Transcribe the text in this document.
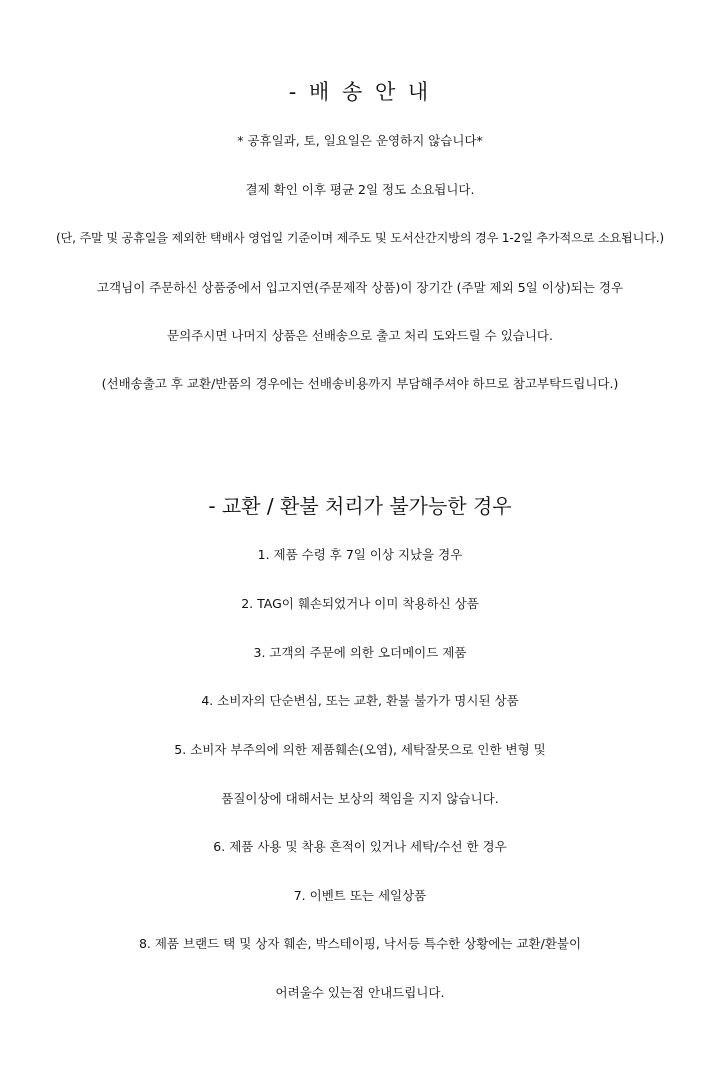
- 배 송 안 내
* 공휴일과, 토, 일요일은 운영하지 않습니다*
결제 확인 이후 평균 2일 정도 소요됩니다.
(단, 주말 및 공휴일을 제외한 택배사 영업일 기준이며 제주도 및 도서산간지방의 경우 1-2일 추가적으로 소요됩니다.)
고객님이 주문하신 상품중에서 입고지연(주문제작 상품)이 장기간 (주말 제외 5일 이상)되는 경우
문의주시면 나머지 상품은 선배송으로 출고 처리 도와드릴 수 있습니다.
(선배송출고 후 교환/반품의 경우에는 선배송비용까지 부담해주셔야 하므로 참고부탁드립니다.)
- 교환 / 환불 처리가 불가능한 경우
1. 제품 수령 후 7일 이상 지났을 경우
2. TAG이 훼손되었거나 이미 착용하신 상품
3. 고객의 주문에 의한 오더메이드 제품
4. 소비자의 단순변심, 또는 교환, 환불 불가가 명시된 상품
5. 소비자 부주의에 의한 제품훼손(오염), 세탁잘못으로 인한 변형 및
품질이상에 대해서는 보상의 책임을 지지 않습니다.
6. 제품 사용 및 착용 흔적이 있거나 세탁/수선 한 경우
7. 이벤트 또는 세일상품
8. 제품 브랜드 택 및 상자 훼손, 박스테이핑, 낙서등 특수한 상황에는 교환/환불이
어려울수 있는점 안내드립니다.
